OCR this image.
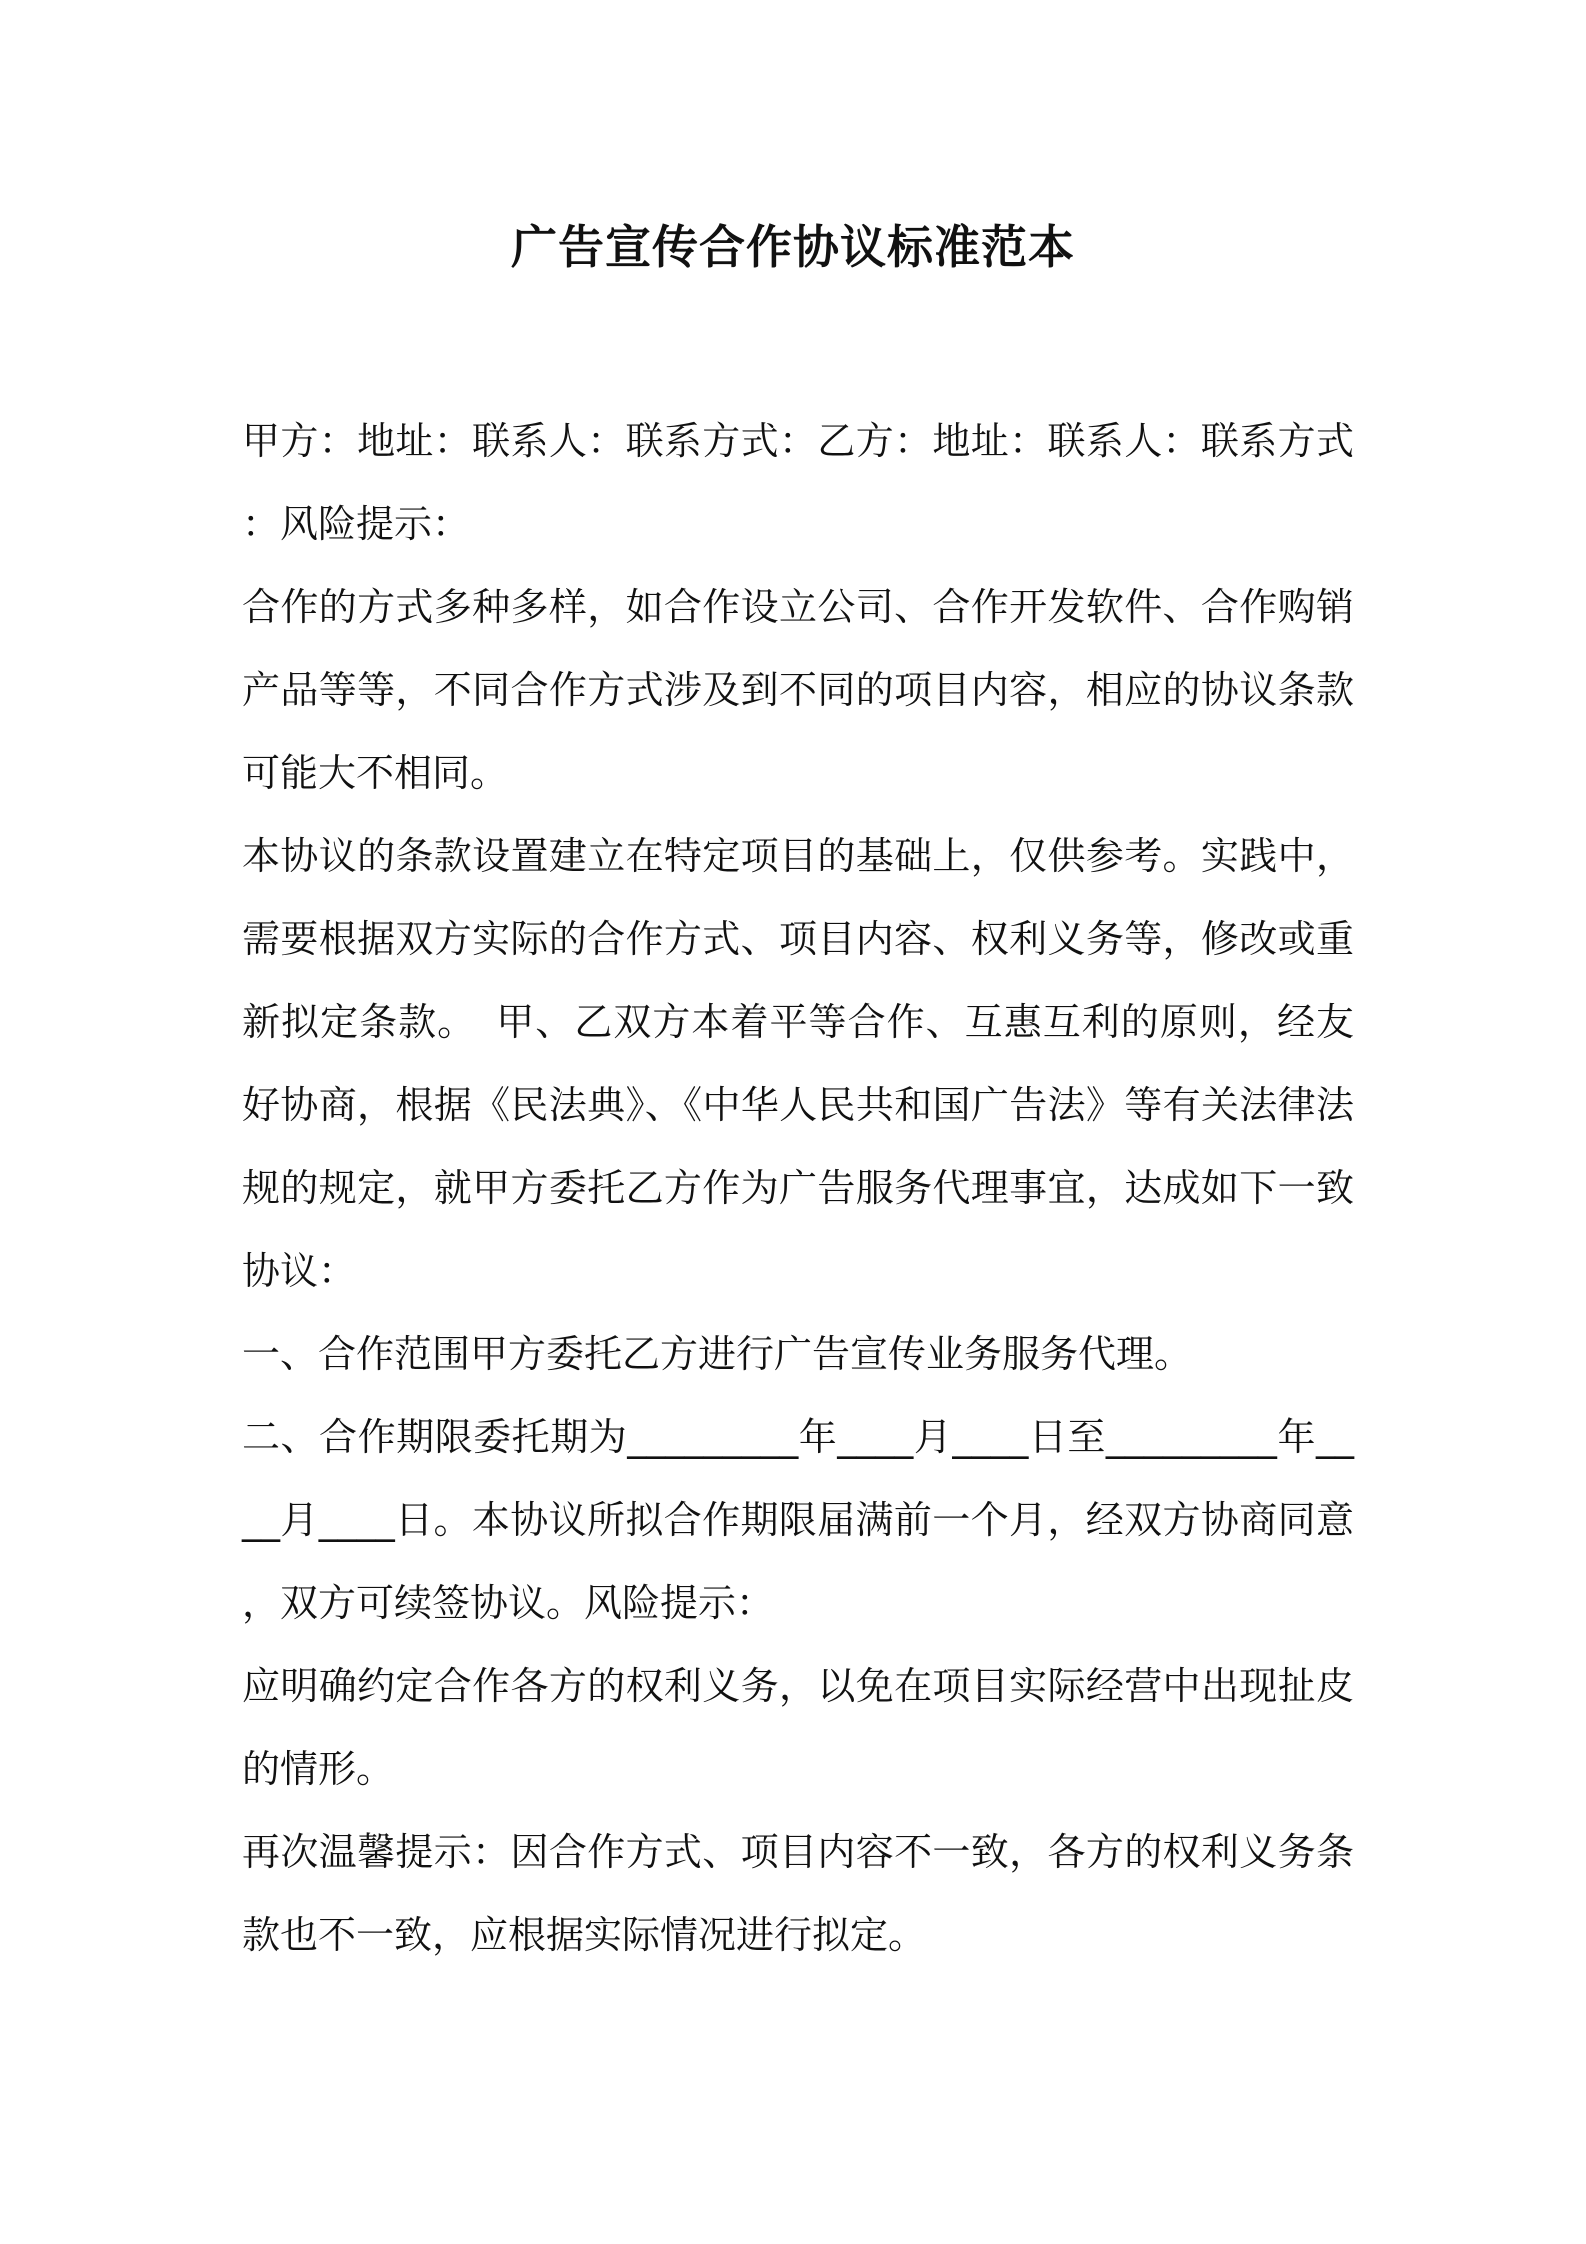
广告宣传合作协议标准范本

甲方：地址：联系人：联系方式：乙方：地址：联系人：联系方式：风险提示：

合作的方式多种多样，如合作设立公司、合作开发软件、合作购销产品等等，不同合作方式涉及到不同的项目内容，相应的协议条款可能大不相同。

本协议的条款设置建立在特定项目的基础上，仅供参考。实践中，需要根据双方实际的合作方式、项目内容、权利义务等，修改或重新拟定条款。　甲、乙双方本着平等合作、互惠互利的原则，经友好协商，根据《民法典》、《中华人民共和国广告法》等有关法律法规的规定，就甲方委托乙方作为广告服务代理事宜，达成如下一致协议：

一、合作范围甲方委托乙方进行广告宣传业务服务代理。

二、合作期限委托期为_________年____月____日至_________年____月____日。本协议所拟合作期限届满前一个月，经双方协商同意，双方可续签协议。风险提示：

应明确约定合作各方的权利义务，以免在项目实际经营中出现扯皮的情形。

再次温馨提示：因合作方式、项目内容不一致，各方的权利义务条款也不一致，应根据实际情况进行拟定。
